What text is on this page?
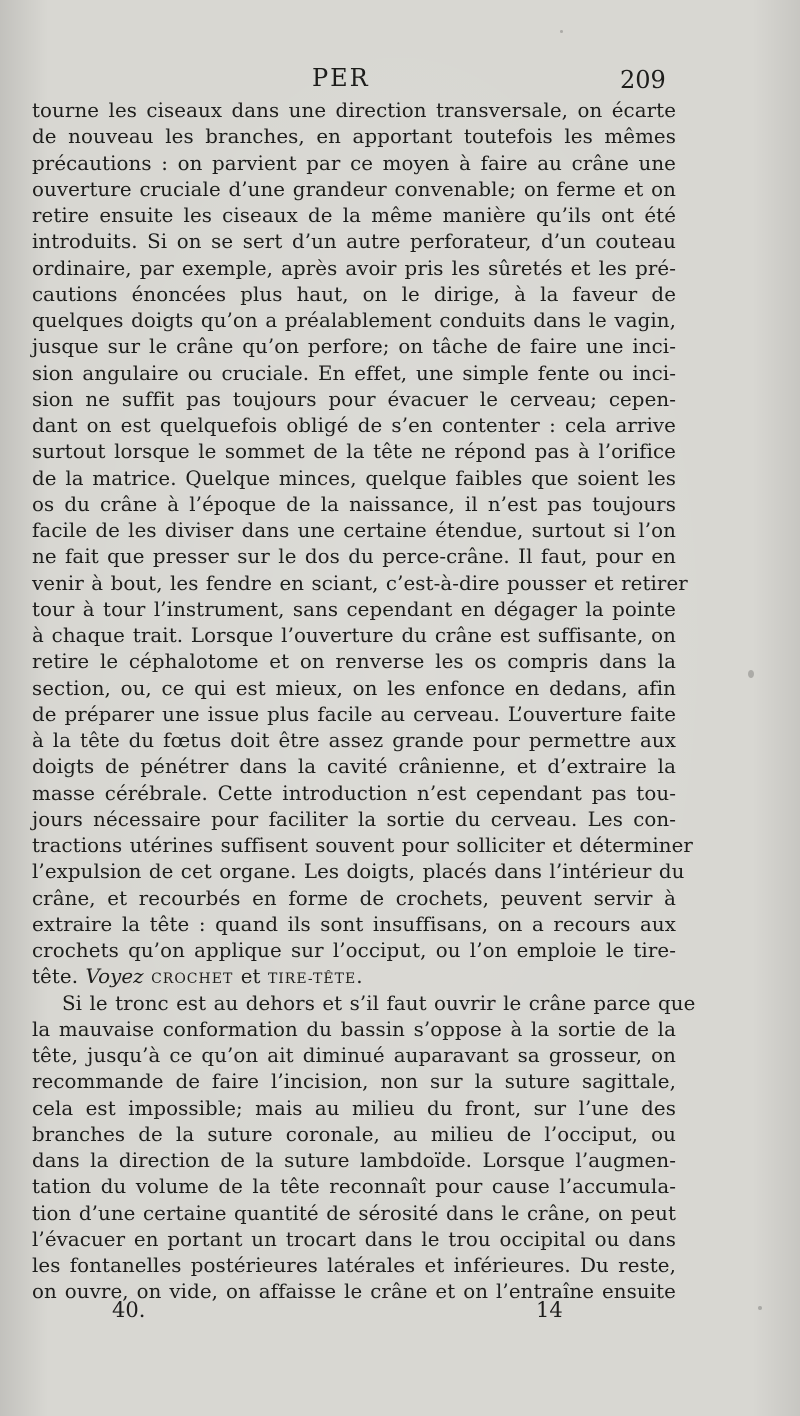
PER	209
tourne les ciseaux dans une direction transversale, on écarte
de nouveau les branches, en apportant toutefois les mêmes
précautions : on parvient par ce moyen à faire au crâne une
ouverture cruciale d’une grandeur convenable; on ferme et on
retire ensuite les ciseaux de la même manière qu’ils ont été
introduits. Si on se sert d’un autre perforateur, d’un couteau
ordinaire, par exemple, après avoir pris les sûretés et les pré-
cautions énoncées plus haut, on le dirige, à la faveur de
quelques doigts qu’on a préalablement conduits dans le vagin,
jusque sur le crâne qu’on perfore; on tâche de faire une inci-
sion angulaire ou cruciale. En effet, une simple fente ou inci-
sion ne suffit pas toujours pour évacuer le cerveau; cepen-
dant on est quelquefois obligé de s’en contenter : cela arrive
surtout lorsque le sommet de la tête ne répond pas à l’orifice
de la matrice. Quelque minces, quelque faibles que soient les
os du crâne à l’époque de la naissance, il n’est pas toujours
facile de les diviser dans une certaine étendue, surtout si l’on
ne fait que presser sur le dos du perce-crâne. Il faut, pour en
venir à bout, les fendre en sciant, c’est-à-dire pousser et retirer
tour à tour l’instrument, sans cependant en dégager la pointe
à chaque trait. Lorsque l’ouverture du crâne est suffisante, on
retire le céphalotome et on renverse les os compris dans la
section, ou, ce qui est mieux, on les enfonce en dedans, afin
de préparer une issue plus facile au cerveau. L’ouverture faite
à la tête du fœtus doit être assez grande pour permettre aux
doigts de pénétrer dans la cavité crânienne, et d’extraire la
masse cérébrale. Cette introduction n’est cependant pas tou-
jours nécessaire pour faciliter la sortie du cerveau. Les con-
tractions utérines suffisent souvent pour solliciter et déterminer
l’expulsion de cet organe. Les doigts, placés dans l’intérieur du
crâne, et recourbés en forme de crochets, peuvent servir à
extraire la tête : quand ils sont insuffisans, on a recours aux
crochets qu’on applique sur l’occiput, ou l’on emploie le tire-
tête. Voyez CROCHET et TIRE-TÊTE.
Si le tronc est au dehors et s’il faut ouvrir le crâne parce que
la mauvaise conformation du bassin s’oppose à la sortie de la
tête, jusqu’à ce qu’on ait diminué auparavant sa grosseur, on
recommande de faire l’incision, non sur la suture sagittale,
cela est impossible; mais au milieu du front, sur l’une des
branches de la suture coronale, au milieu de l’occiput, ou
dans la direction de la suture lambdoïde. Lorsque l’augmen-
tation du volume de la tête reconnaît pour cause l’accumula-
tion d’une certaine quantité de sérosité dans le crâne, on peut
l’évacuer en portant un trocart dans le trou occipital ou dans
les fontanelles postérieures latérales et inférieures. Du reste,
on ouvre, on vide, on affaisse le crâne et on l’entraîne ensuite
40.	14
